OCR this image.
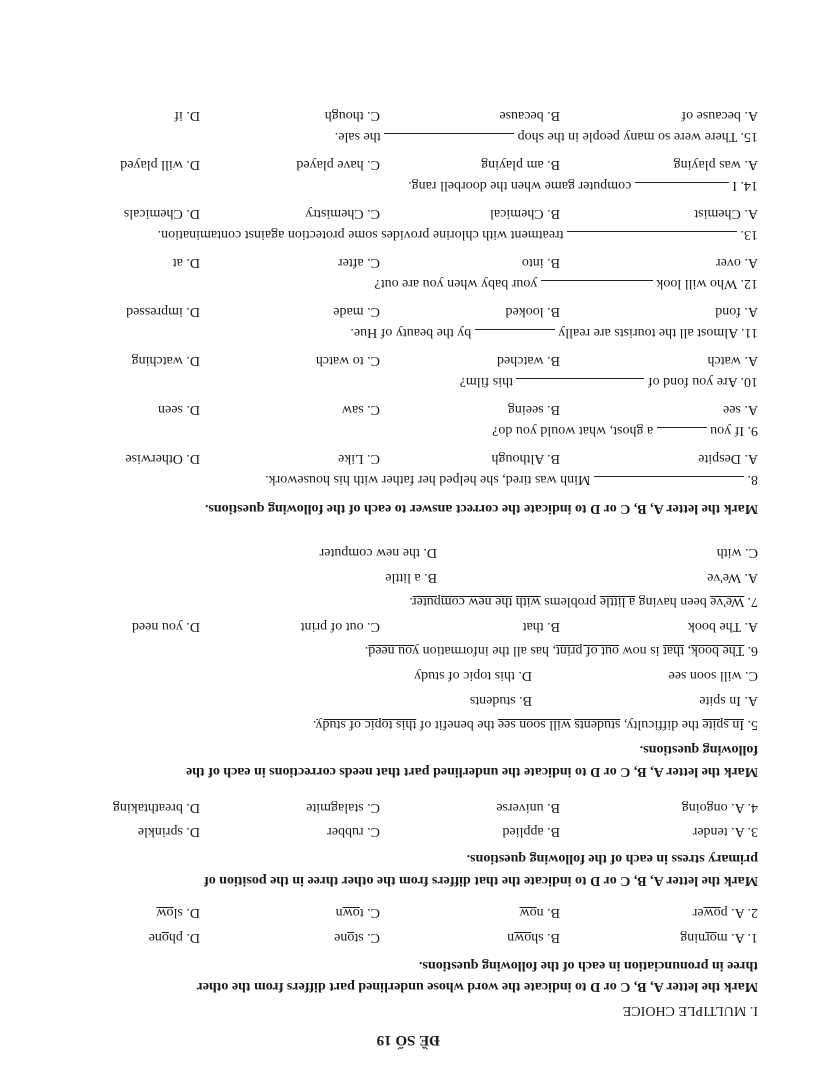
ĐỀ SỐ 19
I. MULTIPLE CHOICE
Mark the letter A, B, C or D to indicate the word whose underlined part differs from the other
three in pronunciation in each of the following questions.
1. A. morning
B. shown
C. stone
D. phone
2. A. power
B. now
C. town
D. slow
Mark the letter A, B, C or D to indicate the that differs from the other three in the position of
primary stress in each of the following questions.
3. A. tender
B. applied
C. rubber
D. sprinkle
4. A. ongoing
B. universe
C. stalagmite
D. breathtaking
Mark the letter A, B, C or D to indicate the underlined part that needs corrections in each of the
following questions.
5. In spite the difficulty, students will soon see the benefit of this topic of study.
A. In spite
B. students
C. will soon see
D. this topic of study
6. The book, that is now out of print, has all the information you need.
A. The book
B. that
C. out of print
D. you need
7. We've been having a little problems with the new computer.
A. We've
B. a little
C. with
D. the new computer
Mark the letter A, B, C or D to indicate the correct answer to each of the following questions.
8.  Minh was tired, she helped her father with his housework.
A. Despite
B. Although
C. Like
D. Otherwise
9. If you  a ghost, what would you do?
A. see
B. seeing
C. saw
D. seen
10. Are you fond of  this film?
A. watch
B. watched
C. to watch
D. watching
11. Almost all the tourists are really  by the beauty of Hue.
A. fond
B. looked
C. made
D. impressed
12. Who will look  your baby when you are out?
A. over
B. into
C. after
D. at
13.  treatment with chlorine provides some protection against contamination.
A. Chemist
B. Chemical
C. Chemistry
D. Chemicals
14. I  computer game when the doorbell rang.
A. was playing
B. am playing
C. have played
D. will played
15. There were so many people in the shop  the sale.
A. because of
B. because
C. though
D. if
